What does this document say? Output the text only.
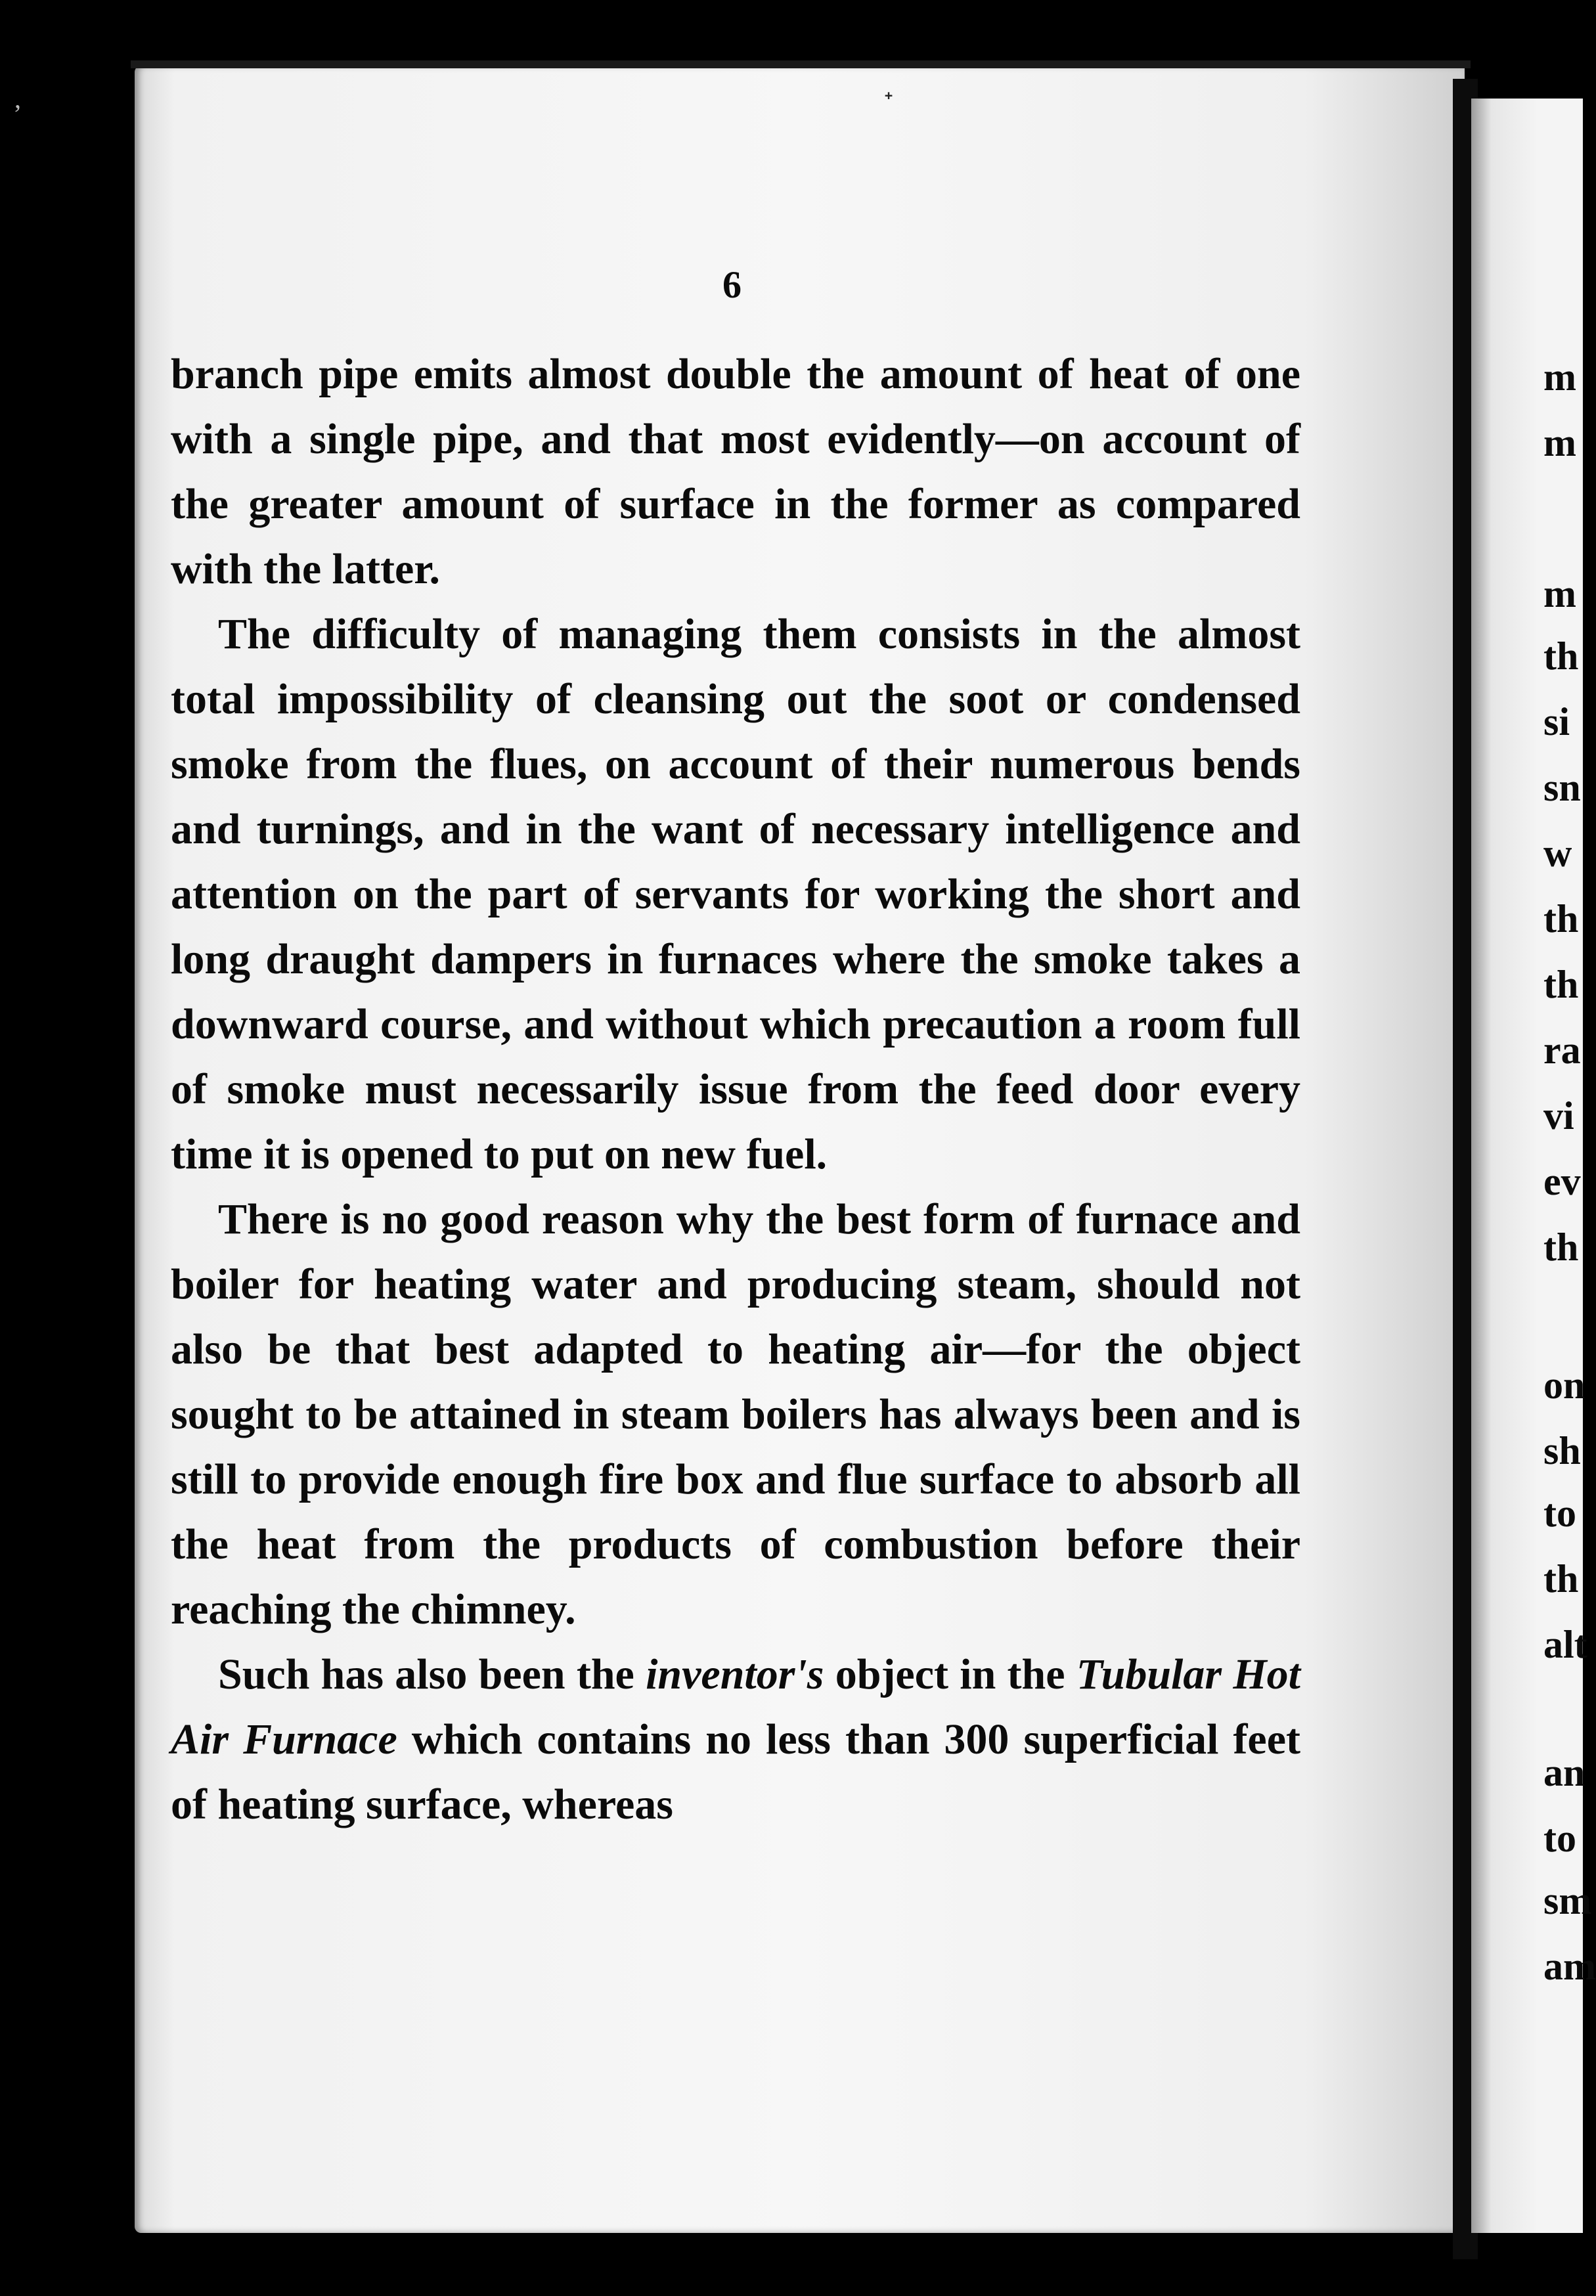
6

branch pipe emits almost double the amount of heat of one with a single pipe, and that most evidently—on account of the greater amount of surface in the former as compared with the latter.

The difficulty of managing them consists in the almost total impossibility of cleansing out the soot or condensed smoke from the flues, on account of their numerous bends and turnings, and in the want of necessary intelligence and attention on the part of servants for working the short and long draught dampers in furnaces where the smoke takes a downward course, and without which precaution a room full of smoke must necessarily issue from the feed door every time it is opened to put on new fuel.

There is no good reason why the best form of furnace and boiler for heating water and producing steam, should not also be that best adapted to heating air—for the object sought to be attained in steam boilers has always been and is still to provide enough fire box and flue surface to absorb all the heat from the products of combustion before their reaching the chimney.

Such has also been the inventor's object in the Tubular Hot Air Furnace which contains no less than 300 superficial feet of heating surface, whereas

m
m
m
th
si
sn
w
th
th
ra
vi
ev
th
on
sh
to
th
alt
an
to
sm
am
ᐩ
ʼ
